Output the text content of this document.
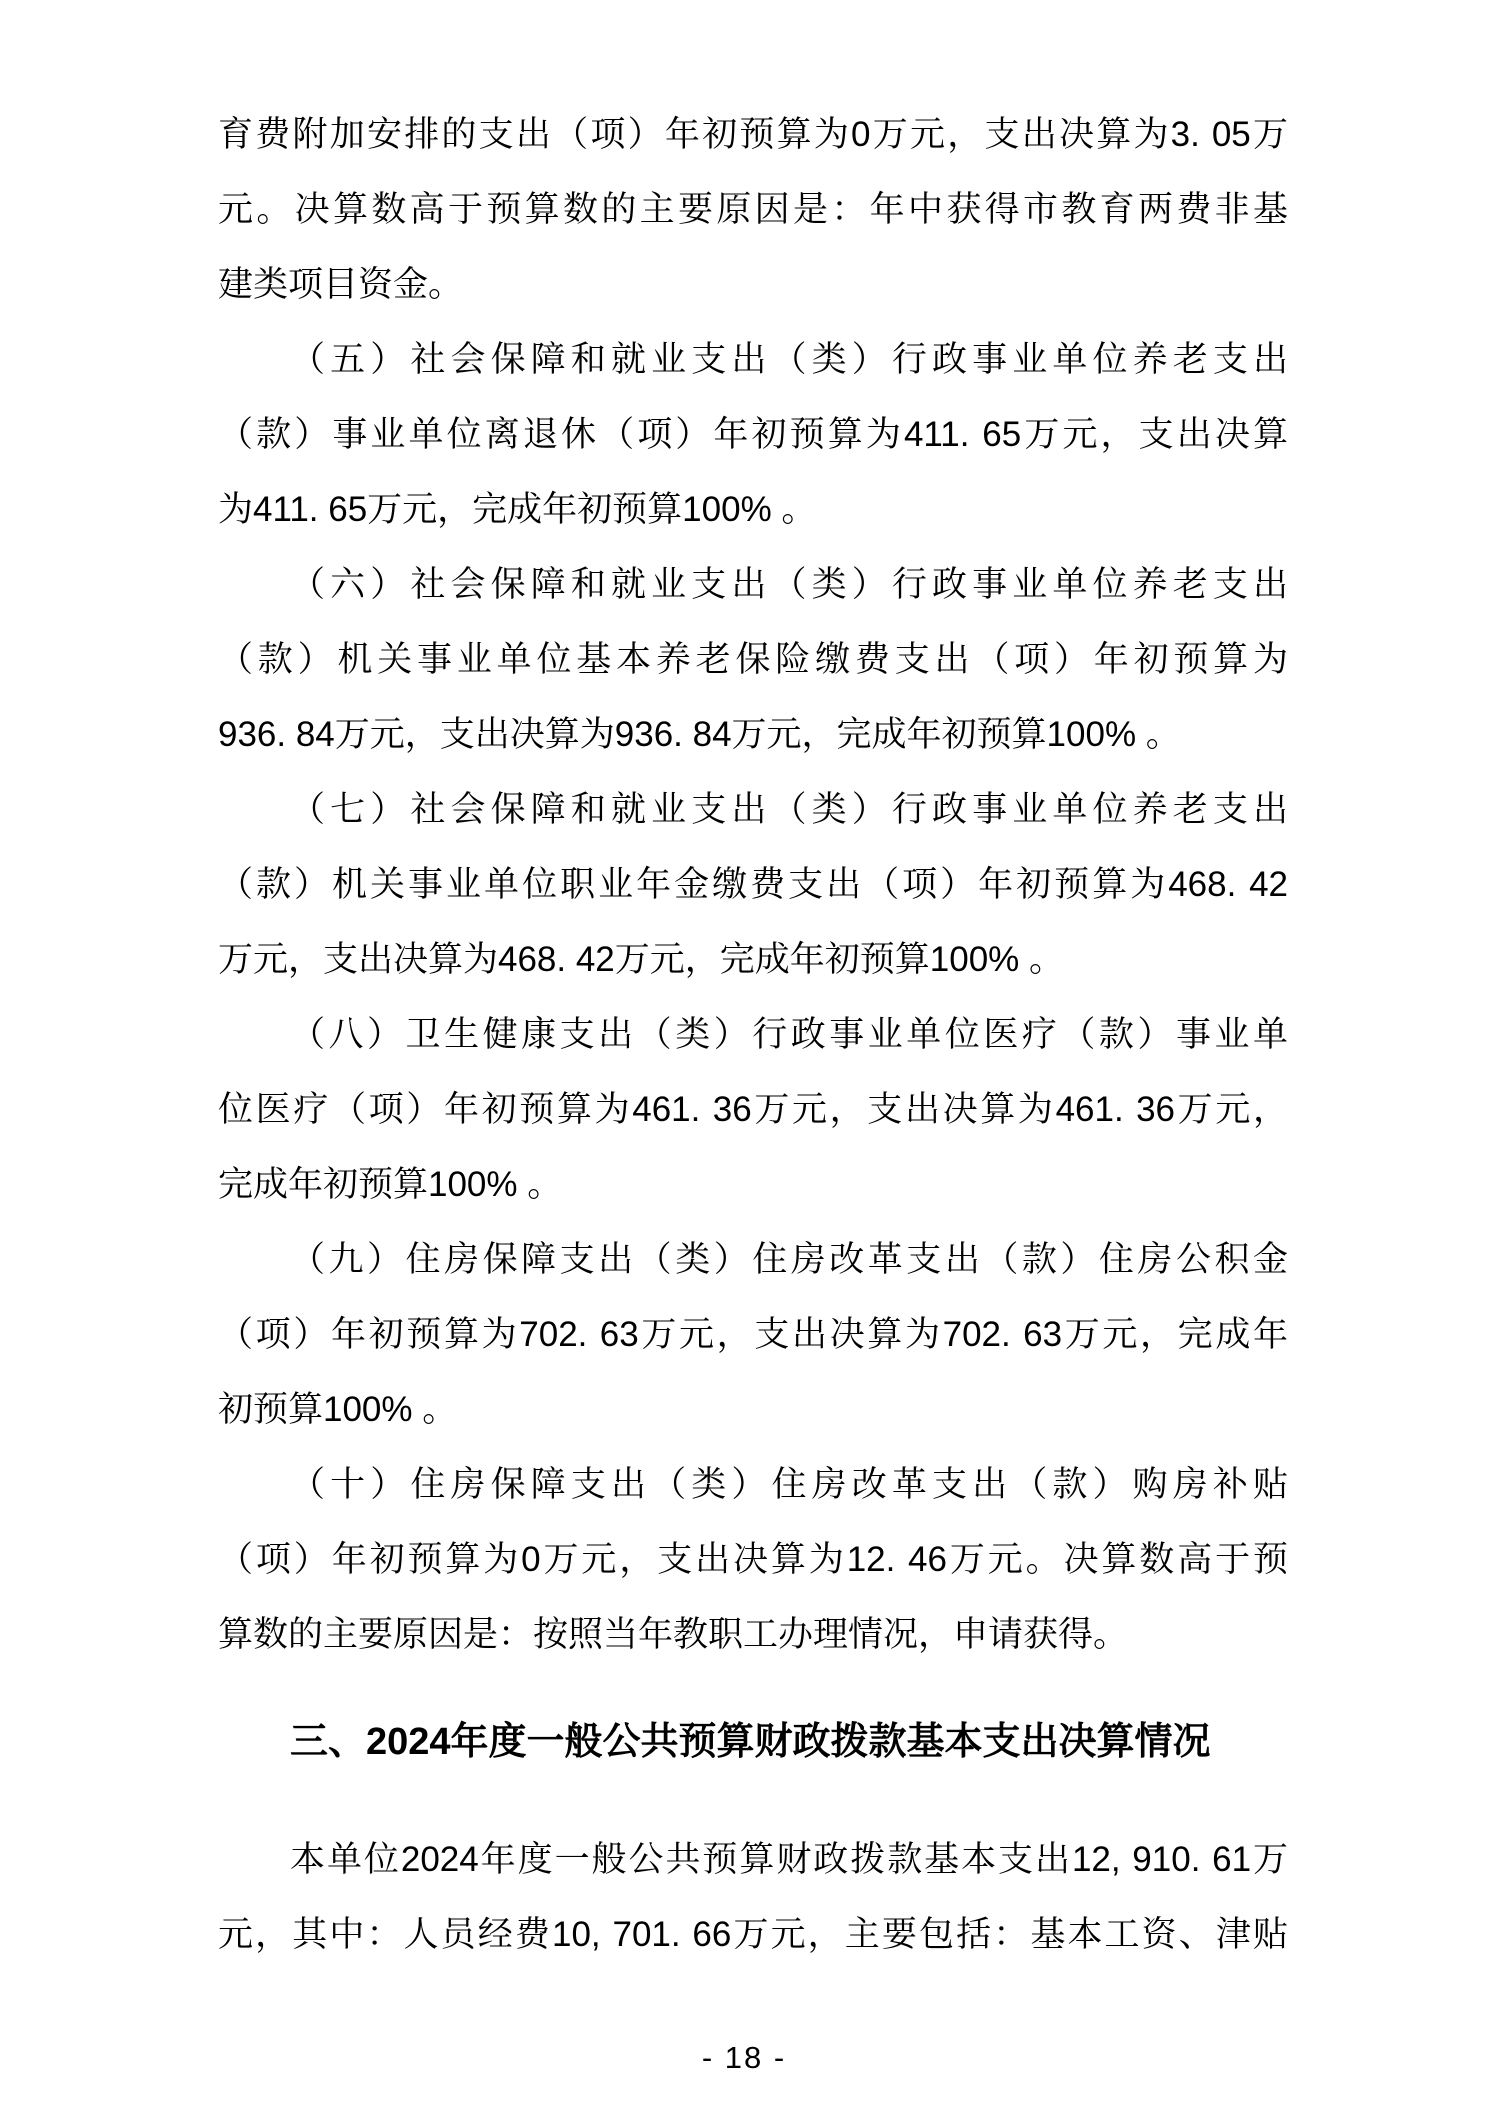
育费附加安排的支出（项）年初预算为0万元，支出决算为3. 05万
元。决算数高于预算数的主要原因是：年中获得市教育两费非基
建类项目资金。
（五）社会保障和就业支出（类）行政事业单位养老支出
（款）事业单位离退休（项）年初预算为411. 65万元，支出决算
为411. 65万元，完成年初预算100% 。
（六）社会保障和就业支出（类）行政事业单位养老支出
（款）机关事业单位基本养老保险缴费支出（项）年初预算为
936. 84万元，支出决算为936. 84万元，完成年初预算100% 。
（七）社会保障和就业支出（类）行政事业单位养老支出
（款）机关事业单位职业年金缴费支出（项）年初预算为468. 42
万元，支出决算为468. 42万元，完成年初预算100% 。
（八）卫生健康支出（类）行政事业单位医疗（款）事业单
位医疗（项）年初预算为461. 36万元，支出决算为461. 36万元，
完成年初预算100% 。
（九）住房保障支出（类）住房改革支出（款）住房公积金
（项）年初预算为702. 63万元，支出决算为702. 63万元，完成年
初预算100% 。
（十）住房保障支出（类）住房改革支出（款）购房补贴
（项）年初预算为0万元，支出决算为12. 46万元。决算数高于预
算数的主要原因是：按照当年教职工办理情况，申请获得。
三、2024年度一般公共预算财政拨款基本支出决算情况
本单位2024年度一般公共预算财政拨款基本支出12, 910. 61万
元，其中：人员经费10, 701. 66万元，主要包括：基本工资、津贴
- 18 -
